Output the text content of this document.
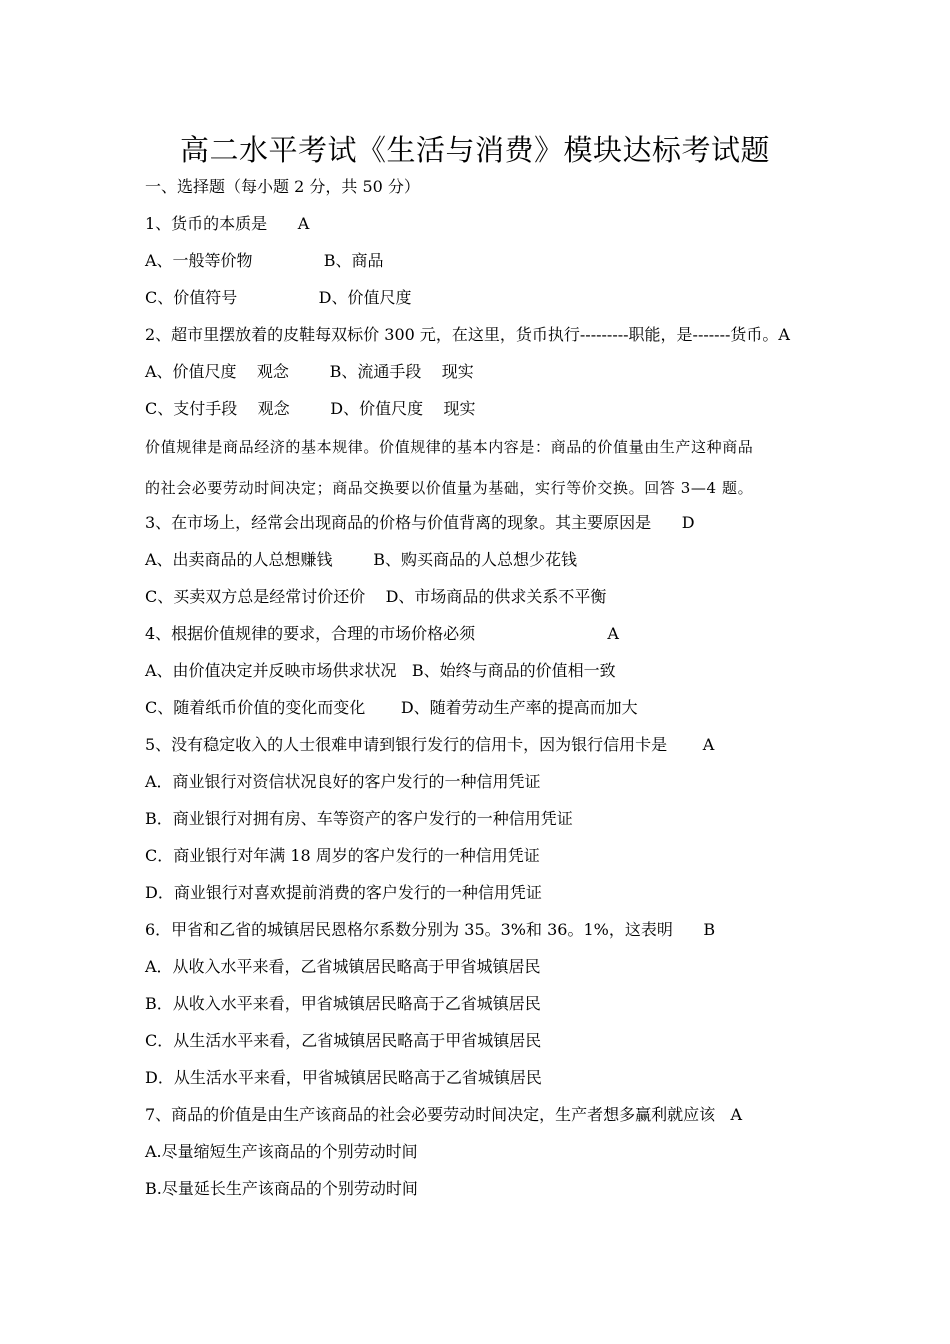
高二水平考试《生活与消费》模块达标考试题
一、选择题（每小题 2 分，共 50 分）
1、货币的本质是      A
A、一般等价物              B、商品
C、价值符号                D、价值尺度
2、超市里摆放着的皮鞋每双标价 300 元，在这里，货币执行---------职能，是-------货币。A
A、价值尺度    观念        B、流通手段    现实
C、支付手段    观念        D、价值尺度    现实
价值规律是商品经济的基本规律。价值规律的基本内容是：商品的价值量由生产这种商品
的社会必要劳动时间决定；商品交换要以价值量为基础，实行等价交换。回答 3—4 题。
3、在市场上，经常会出现商品的价格与价值背离的现象。其主要原因是      D
A、出卖商品的人总想赚钱        B、购买商品的人总想少花钱
C、买卖双方总是经常讨价还价    D、市场商品的供求关系不平衡
4、根据价值规律的要求，合理的市场价格必须                          A
A、由价值决定并反映市场供求状况   B、始终与商品的价值相一致
C、随着纸币价值的变化而变化       D、随着劳动生产率的提高而加大
5、没有稳定收入的人士很难申请到银行发行的信用卡，因为银行信用卡是       A
A．商业银行对资信状况良好的客户发行的一种信用凭证
B．商业银行对拥有房、车等资产的客户发行的一种信用凭证
C．商业银行对年满 18 周岁的客户发行的一种信用凭证
D．商业银行对喜欢提前消费的客户发行的一种信用凭证
6．甲省和乙省的城镇居民恩格尔系数分别为 35。3%和 36。1%，这表明      B
A．从收入水平来看，乙省城镇居民略高于甲省城镇居民
B．从收入水平来看，甲省城镇居民略高于乙省城镇居民
C．从生活水平来看，乙省城镇居民略高于甲省城镇居民
D．从生活水平来看，甲省城镇居民略高于乙省城镇居民
7、商品的价值是由生产该商品的社会必要劳动时间决定，生产者想多赢利就应该   A
A.尽量缩短生产该商品的个别劳动时间
B.尽量延长生产该商品的个别劳动时间
